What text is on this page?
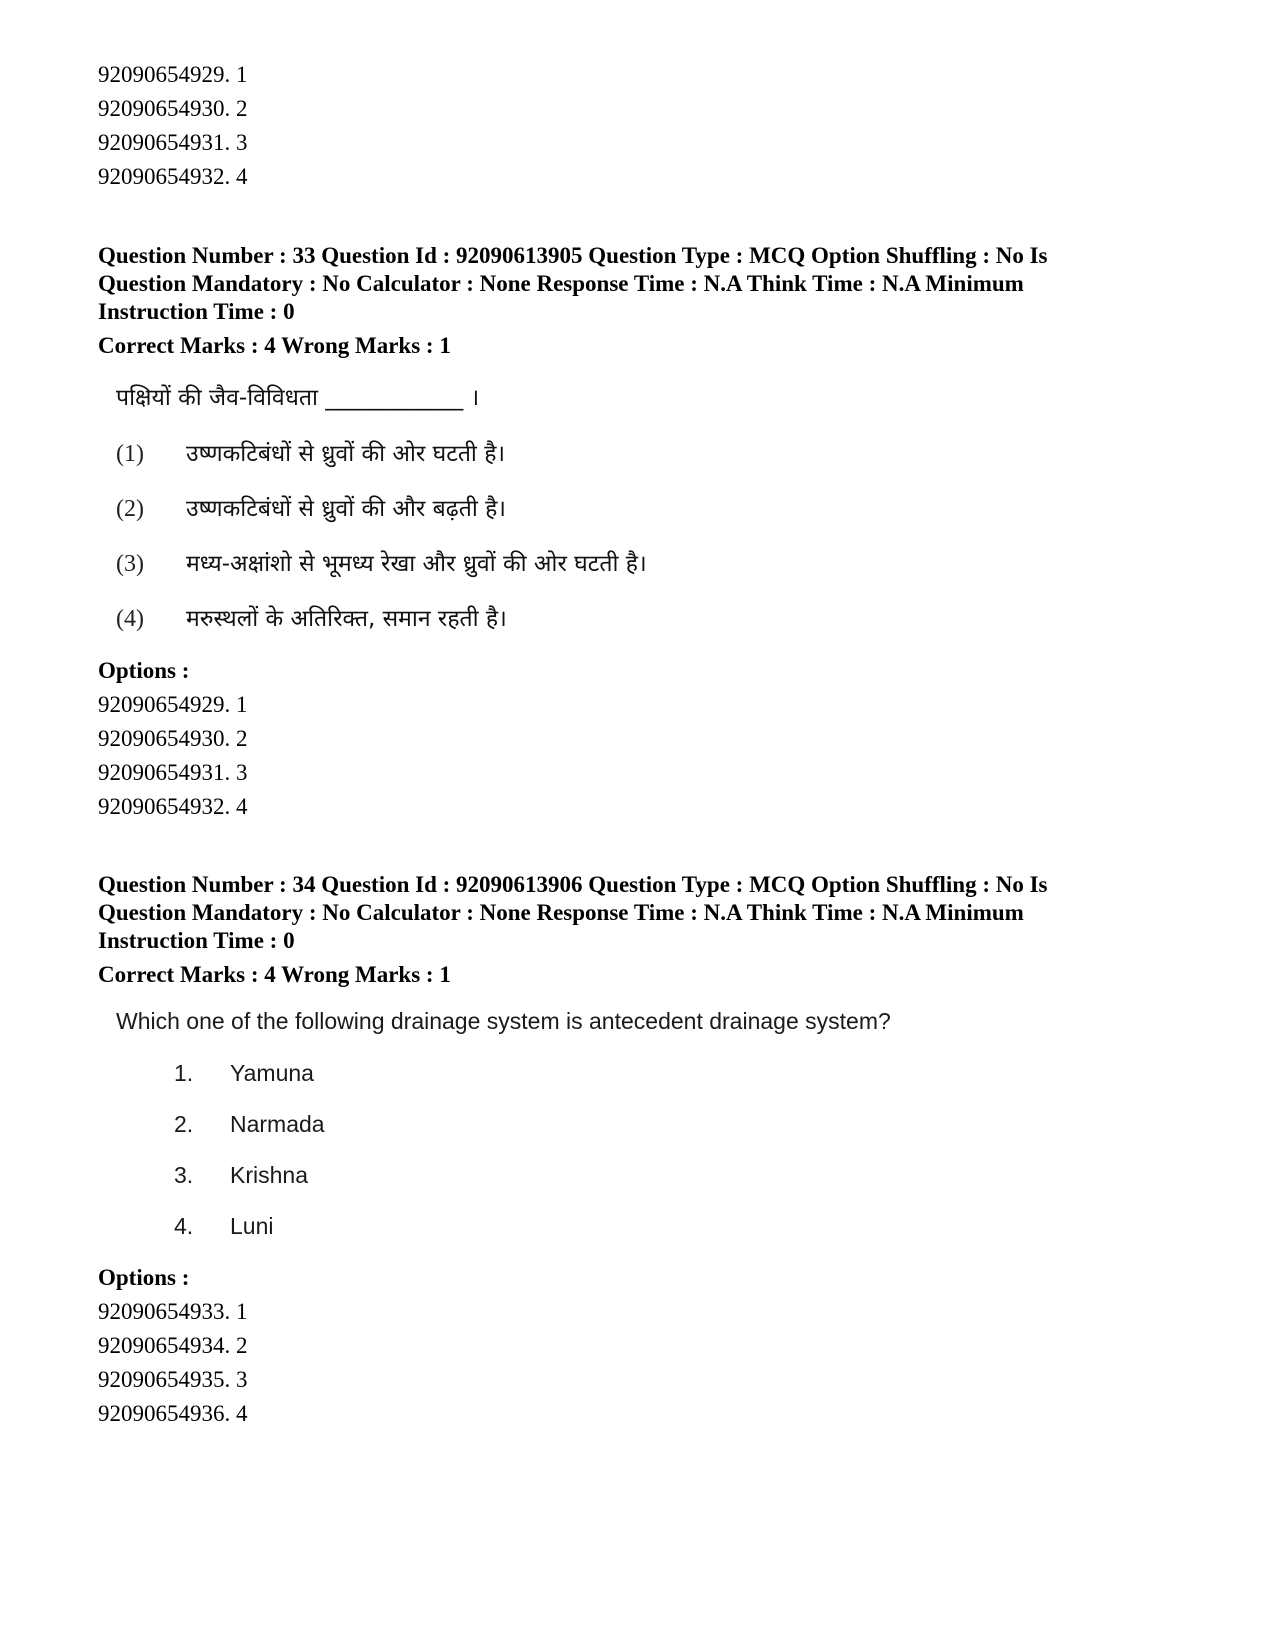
92090654929. 1
92090654930. 2
92090654931. 3
92090654932. 4
Question Number : 33 Question Id : 92090613905 Question Type : MCQ Option Shuffling : No Is
Question Mandatory : No Calculator : None Response Time : N.A Think Time : N.A Minimum
Instruction Time : 0
Correct Marks : 4 Wrong Marks : 1
पक्षियों की जैव-विविधता ____________ ।
(1)	उष्णकटिबंधों से ध्रुवों की ओर घटती है।
(2)	उष्णकटिबंधों से ध्रुवों की और बढ़ती है।
(3)	मध्य-अक्षांशो से भूमध्य रेखा और ध्रुवों की ओर घटती है।
(4)	मरुस्थलों के अतिरिक्त, समान रहती है।
Options :
92090654929. 1
92090654930. 2
92090654931. 3
92090654932. 4
Question Number : 34 Question Id : 92090613906 Question Type : MCQ Option Shuffling : No Is
Question Mandatory : No Calculator : None Response Time : N.A Think Time : N.A Minimum
Instruction Time : 0
Correct Marks : 4 Wrong Marks : 1
Which one of the following drainage system is antecedent drainage system?
1.	Yamuna
2.	Narmada
3.	Krishna
4.	Luni
Options :
92090654933. 1
92090654934. 2
92090654935. 3
92090654936. 4
